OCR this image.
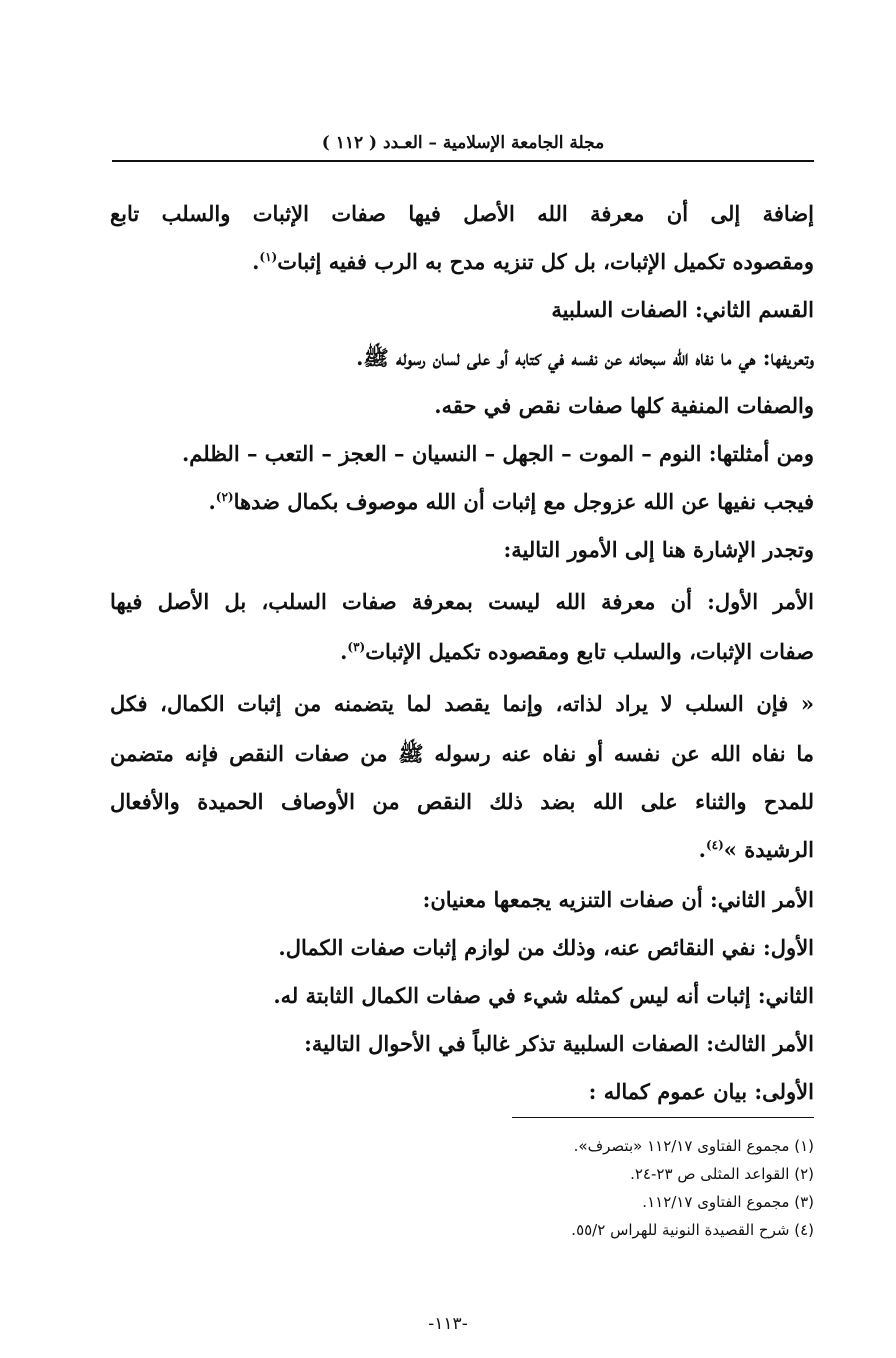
مجلة الجامعة الإسلامية – العـدد ( ١١٢ )
إضافة إلى أن معرفة الله الأصل فيها صفات الإثبات والسلب تابع
ومقصوده تكميل الإثبات، بل كل تنزيه مدح به الرب ففيه إثبات$^{(١)}$.
القسم الثاني: الصفات السلبية
وتعريفها: هي ما نفاه الله سبحانه عن نفسه في كتابه أو على لسان رسوله ﷺ.
والصفات المنفية كلها صفات نقص في حقه.
ومن أمثلتها: النوم – الموت – الجهل – النسيان – العجز – التعب – الظلم.
فيجب نفيها عن الله عزوجل مع إثبات أن الله موصوف بكمال ضدها$^{(٢)}$.
وتجدر الإشارة هنا إلى الأمور التالية:
الأمر الأول: أن معرفة الله ليست بمعرفة صفات السلب، بل الأصل فيها
صفات الإثبات، والسلب تابع ومقصوده تكميل الإثبات$^{(٣)}$.
« فإن السلب لا يراد لذاته، وإنما يقصد لما يتضمنه من إثبات الكمال، فكل
ما نفاه الله عن نفسه أو نفاه عنه رسوله ﷺ من صفات النقص فإنه متضمن
للمدح والثناء على الله بضد ذلك النقص من الأوصاف الحميدة والأفعال
الرشيدة »$^{(٤)}$.
الأمر الثاني: أن صفات التنزيه يجمعها معنيان:
الأول: نفي النقائص عنه، وذلك من لوازم إثبات صفات الكمال.
الثاني: إثبات أنه ليس كمثله شيء في صفات الكمال الثابتة له.
الأمر الثالث: الصفات السلبية تذكر غالباً في الأحوال التالية:
الأولى: بيان عموم كماله :
(١) مجموع الفتاوى ١١٢/١٧ «بتصرف».
(٢) القواعد المثلى ص ٢٣-٢٤.
(٣) مجموع الفتاوى ١١٢/١٧.
(٤) شرح القصيدة النونية للهراس ٥٥/٢.
-١١٣-
